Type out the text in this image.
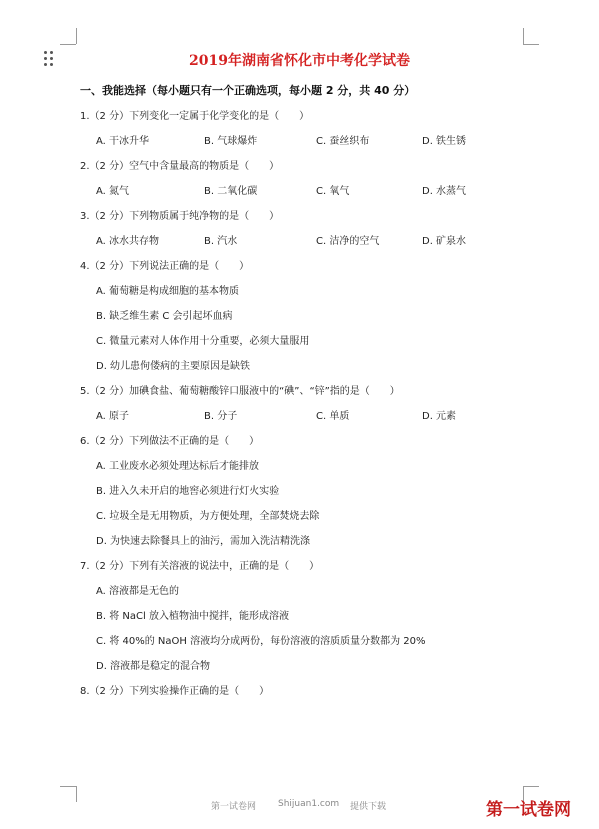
2019年湖南省怀化市中考化学试卷
一、我能选择（每小题只有一个正确选项，每小题 2 分，共 40 分）
1.（2 分）下列变化一定属于化学变化的是（　　）
A. 干冰升华	B. 气球爆炸	C. 蚕丝织布	D. 铁生锈
2.（2 分）空气中含量最高的物质是（　　）
A. 氮气	B. 二氧化碳	C. 氧气	D. 水蒸气
3.（2 分）下列物质属于纯净物的是（　　）
A. 冰水共存物	B. 汽水	C. 洁净的空气	D. 矿泉水
4.（2 分）下列说法正确的是（　　）
A. 葡萄糖是构成细胞的基本物质
B. 缺乏维生素 C 会引起坏血病
C. 微量元素对人体作用十分重要，必须大量服用
D. 幼儿患佝偻病的主要原因是缺铁
5.（2 分）加碘食盐、葡萄糖酸锌口服液中的“碘”、“锌”指的是（　　）
A. 原子	B. 分子	C. 单质	D. 元素
6.（2 分）下列做法不正确的是（　　）
A. 工业废水必须处理达标后才能排放
B. 进入久未开启的地窖必须进行灯火实验
C. 垃圾全是无用物质，为方便处理，全部焚烧去除
D. 为快速去除餐具上的油污，需加入洗洁精洗涤
7.（2 分）下列有关溶液的说法中，正确的是（　　）
A. 溶液都是无色的
B. 将 NaCl 放入植物油中搅拌，能形成溶液
C. 将 40%的 NaOH 溶液均分成两份，每份溶液的溶质质量分数都为 20%
D. 溶液都是稳定的混合物
8.（2 分）下列实验操作正确的是（　　）
第一试卷网 Shijuan1.com 提供下载	第一试卷网
